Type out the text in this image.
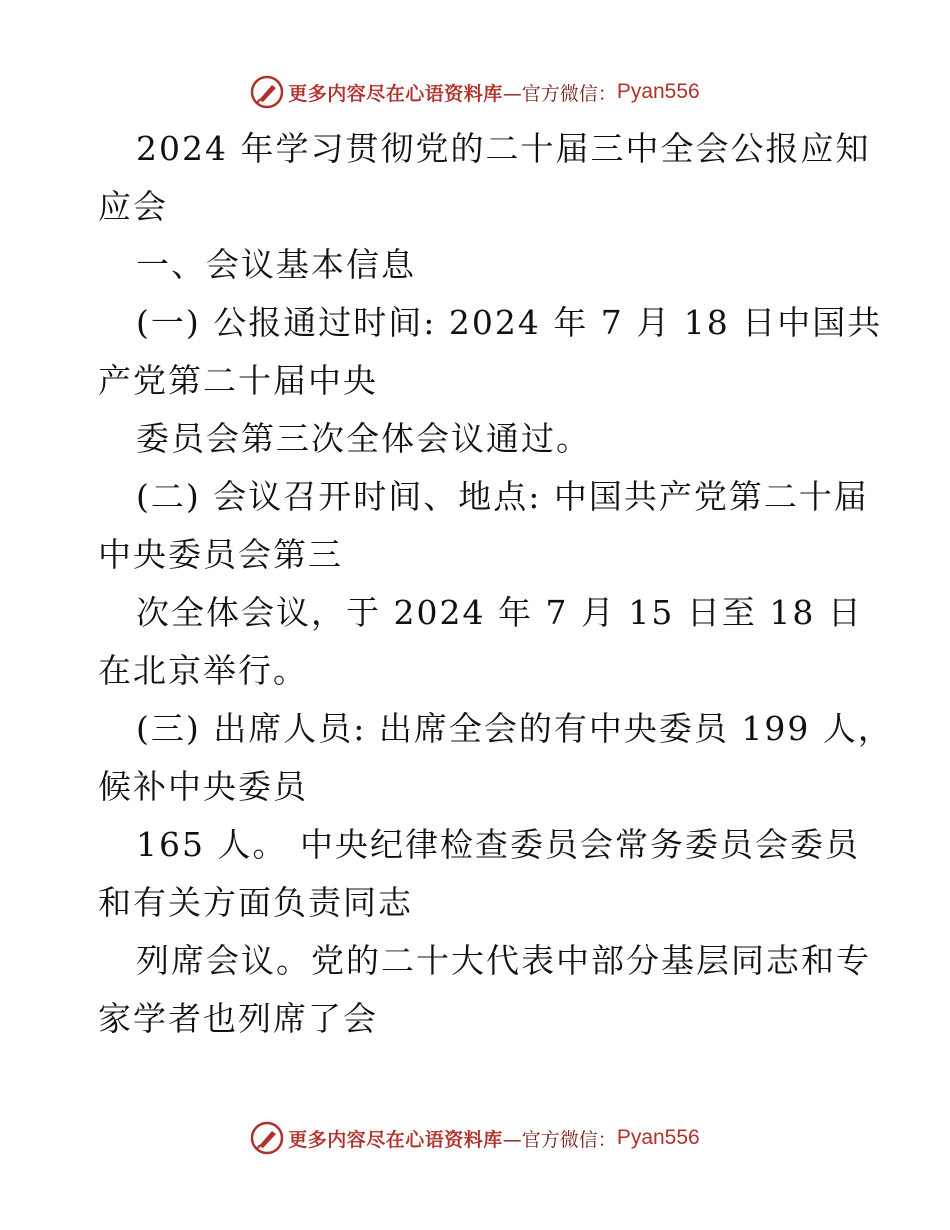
更多内容尽在心语资料库 —官方微信： Pyan556
2024 年学习贯彻党的二十届三中全会公报应知
应会
一、会议基本信息
(一) 公报通过时间: 2024 年 7 月 18 日中国共
产党第二十届中央
委员会第三次全体会议通过。
(二) 会议召开时间、地点: 中国共产党第二十届
中央委员会第三
次全体会议，于 2024 年 7 月 15 日至 18 日
在北京举行。
(三) 出席人员: 出席全会的有中央委员 199 人，
候补中央委员
165 人。 中央纪律检查委员会常务委员会委员
和有关方面负责同志
列席会议。党的二十大代表中部分基层同志和专
家学者也列席了会
更多内容尽在心语资料库 —官方微信： Pyan556
